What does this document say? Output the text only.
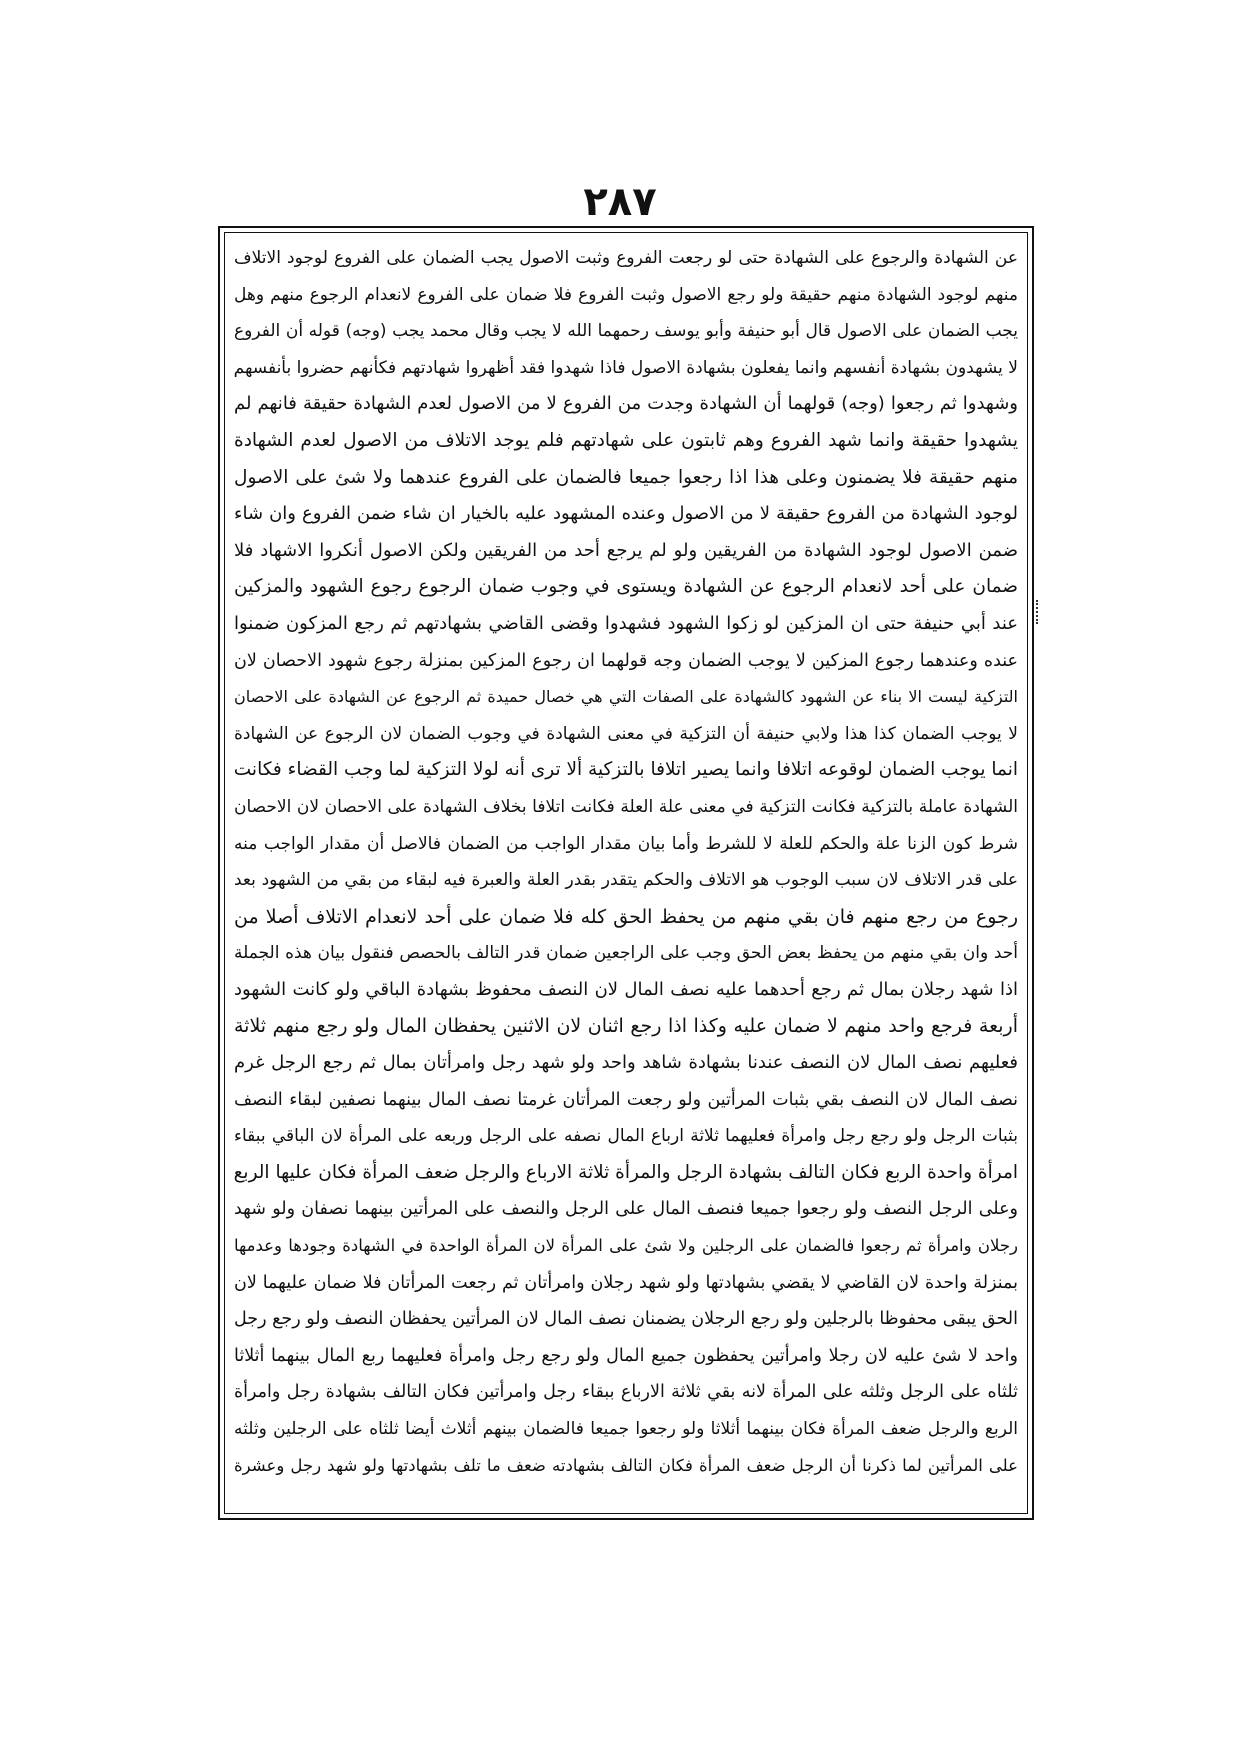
٢٨٧
عن الشهادة والرجوع على الشهادة حتى لو رجعت الفروع وثبت الاصول يجب الضمان على الفروع لوجود الاتلاف
منهم لوجود الشهادة منهم حقيقة ولو رجع الاصول وثبت الفروع فلا ضمان على الفروع لانعدام الرجوع منهم وهل
يجب الضمان على الاصول قال أبو حنيفة وأبو يوسف رحمهما الله لا يجب وقال محمد يجب (وجه) قوله أن الفروع
لا يشهدون بشهادة أنفسهم وانما يفعلون بشهادة الاصول فاذا شهدوا فقد أظهروا شهادتهم فكأنهم حضروا بأنفسهم
وشهدوا ثم رجعوا (وجه) قولهما أن الشهادة وجدت من الفروع لا من الاصول لعدم الشهادة حقيقة فانهم لم
يشهدوا حقيقة وانما شهد الفروع وهم ثابتون على شهادتهم فلم يوجد الاتلاف من الاصول لعدم الشهادة
منهم حقيقة فلا يضمنون وعلى هذا اذا رجعوا جميعا فالضمان على الفروع عندهما ولا شئ على الاصول
لوجود الشهادة من الفروع حقيقة لا من الاصول وعنده المشهود عليه بالخيار ان شاء ضمن الفروع وان شاء
ضمن الاصول لوجود الشهادة من الفريقين ولو لم يرجع أحد من الفريقين ولكن الاصول أنكروا الاشهاد فلا
ضمان على أحد لانعدام الرجوع عن الشهادة ويستوى في وجوب ضمان الرجوع رجوع الشهود والمزكين
عند أبي حنيفة حتى ان المزكين لو زكوا الشهود فشهدوا وقضى القاضي بشهادتهم ثم رجع المزكون ضمنوا
عنده وعندهما رجوع المزكين لا يوجب الضمان وجه قولهما ان رجوع المزكين بمنزلة رجوع شهود الاحصان لان
التزكية ليست الا بناء عن الشهود كالشهادة على الصفات التي هي خصال حميدة ثم الرجوع عن الشهادة على الاحصان
لا يوجب الضمان كذا هذا ولابي حنيفة أن التزكية في معنى الشهادة في وجوب الضمان لان الرجوع عن الشهادة
انما يوجب الضمان لوقوعه اتلافا وانما يصير اتلافا بالتزكية ألا ترى أنه لولا التزكية لما وجب القضاء فكانت
الشهادة عاملة بالتزكية فكانت التزكية في معنى علة العلة فكانت اتلافا بخلاف الشهادة على الاحصان لان الاحصان
شرط كون الزنا علة والحكم للعلة لا للشرط وأما بيان مقدار الواجب من الضمان فالاصل أن مقدار الواجب منه
على قدر الاتلاف لان سبب الوجوب هو الاتلاف والحكم يتقدر بقدر العلة والعبرة فيه لبقاء من بقي من الشهود بعد
رجوع من رجع منهم فان بقي منهم من يحفظ الحق كله فلا ضمان على أحد لانعدام الاتلاف أصلا من
أحد وان بقي منهم من يحفظ بعض الحق وجب على الراجعين ضمان قدر التالف بالحصص فنقول بيان هذه الجملة
اذا شهد رجلان بمال ثم رجع أحدهما عليه نصف المال لان النصف محفوظ بشهادة الباقي ولو كانت الشهود
أربعة فرجع واحد منهم لا ضمان عليه وكذا اذا رجع اثنان لان الاثنين يحفظان المال ولو رجع منهم ثلاثة
فعليهم نصف المال لان النصف عندنا بشهادة شاهد واحد ولو شهد رجل وامرأتان بمال ثم رجع الرجل غرم
نصف المال لان النصف بقي بثبات المرأتين ولو رجعت المرأتان غرمتا نصف المال بينهما نصفين لبقاء النصف
بثبات الرجل ولو رجع رجل وامرأة فعليهما ثلاثة ارباع المال نصفه على الرجل وربعه على المرأة لان الباقي ببقاء
امرأة واحدة الربع فكان التالف بشهادة الرجل والمرأة ثلاثة الارباع والرجل ضعف المرأة فكان عليها الربع
وعلى الرجل النصف ولو رجعوا جميعا فنصف المال على الرجل والنصف على المرأتين بينهما نصفان ولو شهد
رجلان وامرأة ثم رجعوا فالضمان على الرجلين ولا شئ على المرأة لان المرأة الواحدة في الشهادة وجودها وعدمها
بمنزلة واحدة لان القاضي لا يقضي بشهادتها ولو شهد رجلان وامرأتان ثم رجعت المرأتان فلا ضمان عليهما لان
الحق يبقى محفوظا بالرجلين ولو رجع الرجلان يضمنان نصف المال لان المرأتين يحفظان النصف ولو رجع رجل
واحد لا شئ عليه لان رجلا وامرأتين يحفظون جميع المال ولو رجع رجل وامرأة فعليهما ربع المال بينهما أثلاثا
ثلثاه على الرجل وثلثه على المرأة لانه بقي ثلاثة الارباع ببقاء رجل وامرأتين فكان التالف بشهادة رجل وامرأة
الربع والرجل ضعف المرأة فكان بينهما أثلاثا ولو رجعوا جميعا فالضمان بينهم أثلاث أيضا ثلثاه على الرجلين وثلثه
على المرأتين لما ذكرنا أن الرجل ضعف المرأة فكان التالف بشهادته ضعف ما تلف بشهادتها ولو شهد رجل وعشرة
